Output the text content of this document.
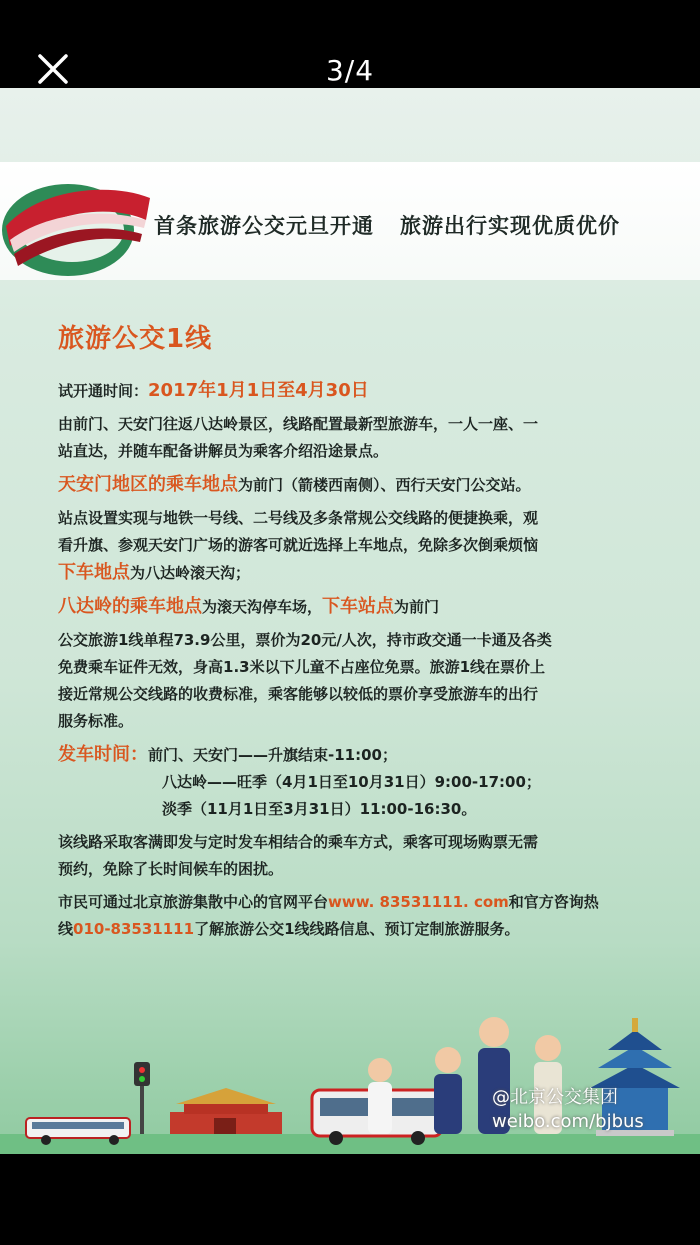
3/4
首条旅游公交元旦开通 旅游出行实现优质优价
旅游公交1线
试开通时间：2017年1月1日至4月30日
由前门、天安门往返八达岭景区，线路配置最新型旅游车，一人一座、一
站直达，并随车配备讲解员为乘客介绍沿途景点。
天安门地区的乘车地点为前门（箭楼西南侧）、西行天安门公交站。
站点设置实现与地铁一号线、二号线及多条常规公交线路的便捷换乘，观
看升旗、参观天安门广场的游客可就近选择上车地点，免除多次倒乘烦恼
下车地点为八达岭滚天沟；
八达岭的乘车地点为滚天沟停车场，下车站点为前门
公交旅游1线单程73.9公里，票价为20元/人次，持市政交通一卡通及各类
免费乘车证件无效，身高1.3米以下儿童不占座位免票。旅游1线在票价上
接近常规公交线路的收费标准，乘客能够以较低的票价享受旅游车的出行
服务标准。
发车时间：前门、天安门——升旗结束-11:00；
八达岭——旺季（4月1日至10月31日）9:00-17:00；
淡季（11月1日至3月31日）11:00-16:30。
该线路采取客满即发与定时发车相结合的乘车方式，乘客可现场购票无需
预约，免除了长时间候车的困扰。
市民可通过北京旅游集散中心的官网平台www. 83531111. com和官方咨询热
线010-83531111了解旅游公交1线线路信息、预订定制旅游服务。
@北京公交集团
weibo.com/bjbus
